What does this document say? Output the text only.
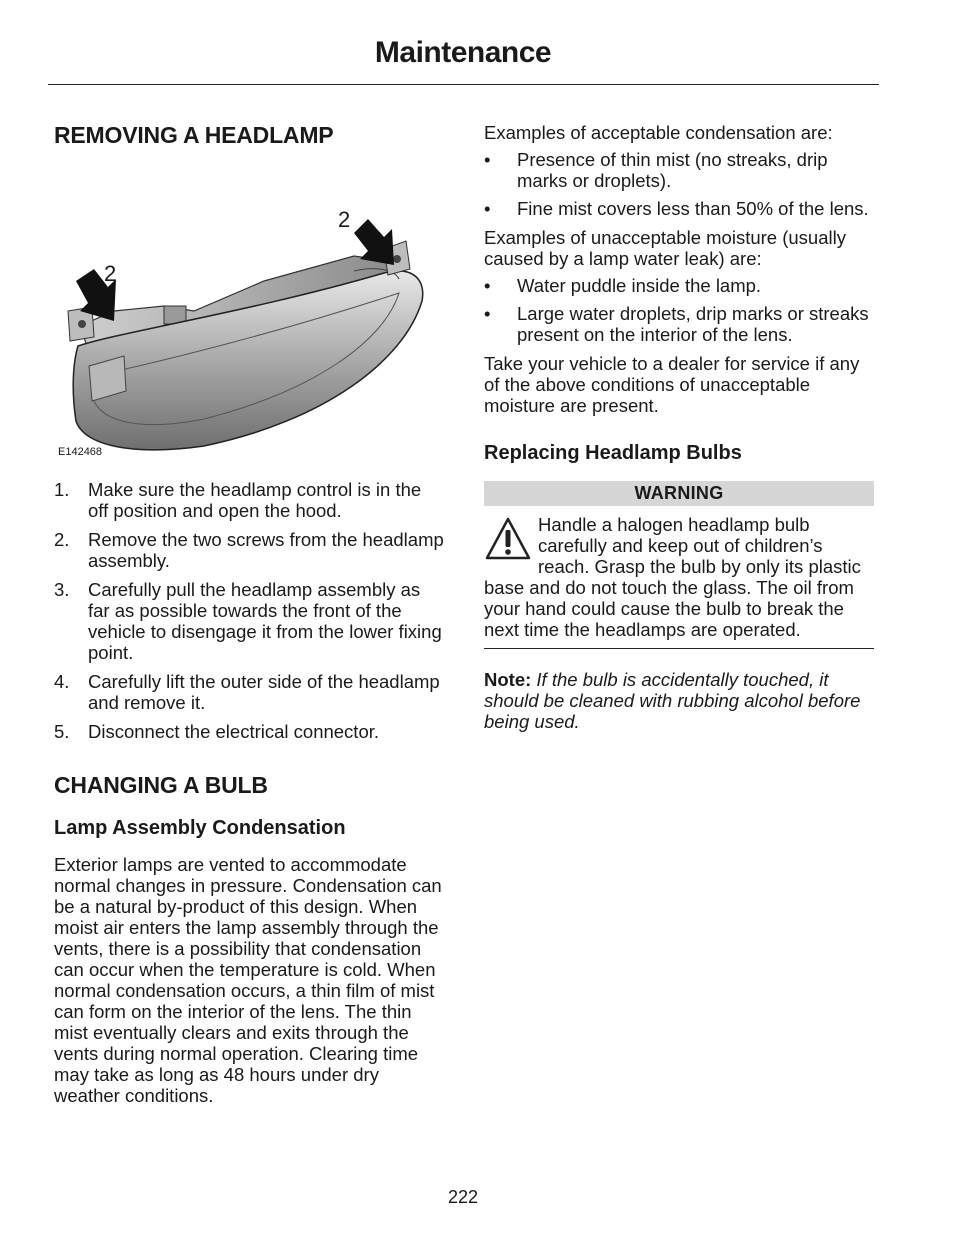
Maintenance
REMOVING A HEADLAMP
2
2
E142468
1. Make sure the headlamp control is in the off position and open the hood.
2. Remove the two screws from the headlamp assembly.
3. Carefully pull the headlamp assembly as far as possible towards the front of the vehicle to disengage it from the lower fixing point.
4. Carefully lift the outer side of the headlamp and remove it.
5. Disconnect the electrical connector.
CHANGING A BULB
Lamp Assembly Condensation

Exterior lamps are vented to accommodate normal changes in pressure. Condensation can be a natural by-product of this design. When moist air enters the lamp assembly through the vents, there is a possibility that condensation can occur when the temperature is cold. When normal condensation occurs, a thin film of mist can form on the interior of the lens. The thin mist eventually clears and exits through the vents during normal operation. Clearing time may take as long as 48 hours under dry weather conditions.

Examples of acceptable condensation are:

• Presence of thin mist (no streaks, drip marks or droplets).
• Fine mist covers less than 50% of the lens.

Examples of unacceptable moisture (usually caused by a lamp water leak) are:

• Water puddle inside the lamp.
• Large water droplets, drip marks or streaks present on the interior of the lens.

Take your vehicle to a dealer for service if any of the above conditions of unacceptable moisture are present.

Replacing Headlamp Bulbs
WARNING

Handle a halogen headlamp bulb carefully and keep out of children’s reach. Grasp the bulb by only its plastic base and do not touch the glass. The oil from your hand could cause the bulb to break the next time the headlamps are operated.

Note: If the bulb is accidentally touched, it should be cleaned with rubbing alcohol before being used.

222
